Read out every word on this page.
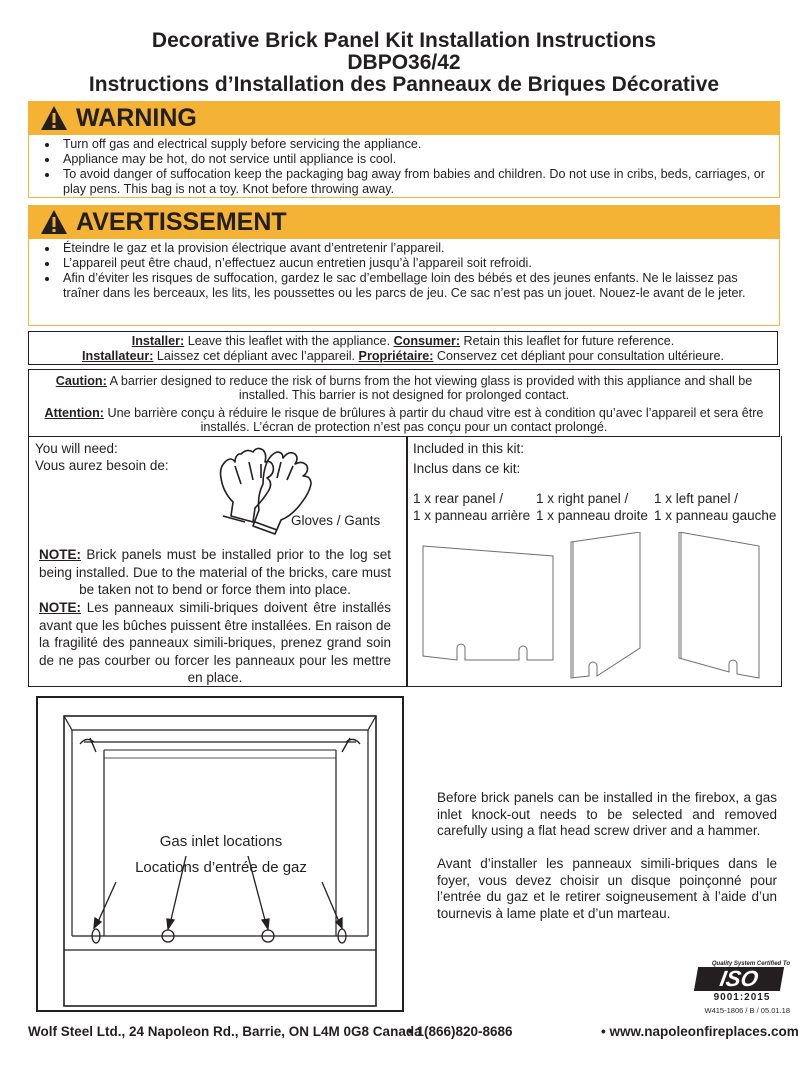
Decorative Brick Panel Kit Installation Instructions
DBPO36/42
Instructions d’Installation des Panneaux de Briques Décorative
WARNING
• Turn off gas and electrical supply before servicing the appliance.
• Appliance may be hot, do not service until appliance is cool.
• To avoid danger of suffocation keep the packaging bag away from babies and children. Do not use in cribs, beds, carriages, or play pens. This bag is not a toy. Knot before throwing away.
AVERTISSEMENT
• Éteindre le gaz et la provision électrique avant d’entretenir l’appareil.
• L’appareil peut être chaud, n’effectuez aucun entretien jusqu’à l’appareil soit refroidi.
• Afin d’éviter les risques de suffocation, gardez le sac d’embellage loin des bébés et des jeunes enfants. Ne le laissez pas traîner dans les berceaux, les lits, les poussettes ou les parcs de jeu. Ce sac n’est pas un jouet. Nouez-le avant de le jeter.
Installer: Leave this leaflet with the appliance. Consumer: Retain this leaflet for future reference.
Installateur: Laissez cet dépliant avec l’appareil. Propriétaire: Conservez cet dépliant pour consultation ultérieure.
Caution: A barrier designed to reduce the risk of burns from the hot viewing glass is provided with this appliance and shall be installed. This barrier is not designed for prolonged contact.
Attention: Une barrière conçu à réduire le risque de brûlures à partir du chaud vitre est à condition qu’avec l’appareil et sera être installés. L’écran de protection n’est pas conçu pour un contact prolongé.
You will need:
Vous aurez besoin de:
Gloves / Gants
NOTE: Brick panels must be installed prior to the log set being installed. Due to the material of the bricks, care must be taken not to bend or force them into place.
NOTE: Les panneaux simili-briques doivent être installés avant que les bûches puissent être installées. En raison de la fragilité des panneaux simili-briques, prenez grand soin de ne pas courber ou forcer les panneaux pour les mettre en place.
Included in this kit:
Inclus dans ce kit:
1 x rear panel /
1 x panneau arrière
1 x right panel /
1 x panneau droite
1 x left panel /
1 x panneau gauche
Gas inlet locations
Locations d’entrée de gaz
Before brick panels can be installed in the firebox, a gas inlet knock-out needs to be selected and removed carefully using a flat head screw driver and a hammer.
Avant d’installer les panneaux simili-briques dans le foyer, vous devez choisir un disque poinçonné pour l’entrée du gaz et le retirer soigneusement à l’aide d’un tournevis à lame plate et d’un marteau.
Quality System Certified To
ISO
9001:2015
W415-1806 / B / 05.01.18
Wolf Steel Ltd., 24 Napoleon Rd., Barrie, ON L4M 0G8 Canada
• 1(866)820-8686	• www.napoleonfireplaces.com
